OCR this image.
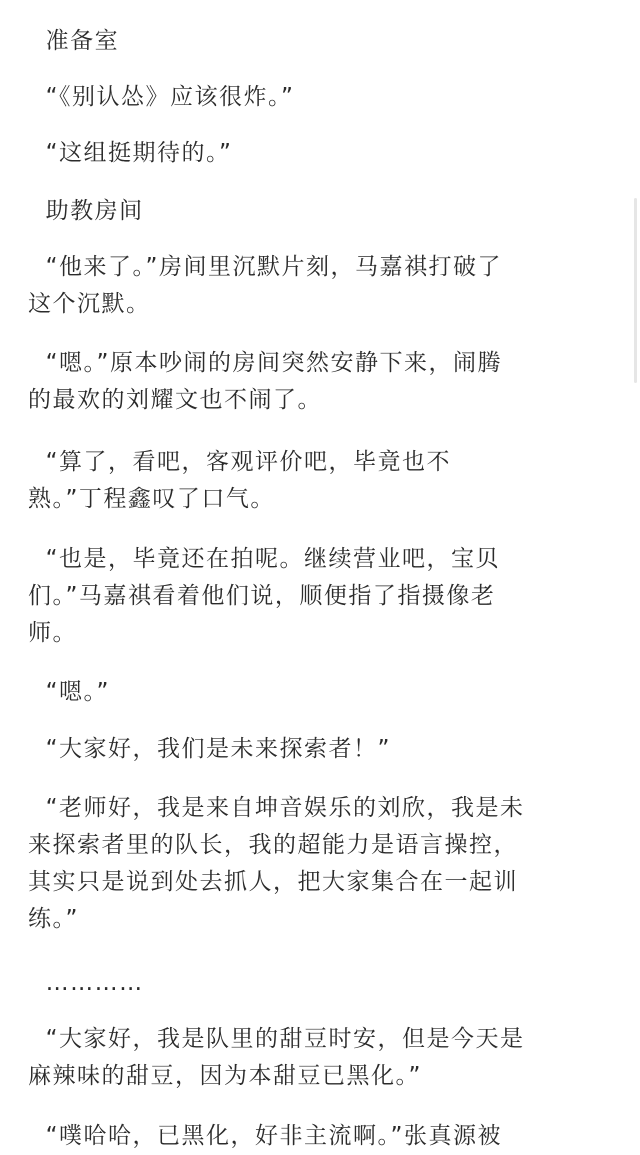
准备室

“《别认怂》应该很炸。”

“这组挺期待的。”

助教房间

“他来了。”房间里沉默片刻，马嘉祺打破了
这个沉默。

“嗯。”原本吵闹的房间突然安静下来，闹腾
的最欢的刘耀文也不闹了。

“算了，看吧，客观评价吧，毕竟也不
熟。”丁程鑫叹了口气。

“也是，毕竟还在拍呢。继续营业吧，宝贝
们。”马嘉祺看着他们说，顺便指了指摄像老
师。

“嗯。”

“大家好，我们是未来探索者！”

“老师好，我是来自坤音娱乐的刘欣，我是未
来探索者里的队长，我的超能力是语言操控，
其实只是说到处去抓人，把大家集合在一起训
练。”

…………

“大家好，我是队里的甜豆时安，但是今天是
麻辣味的甜豆，因为本甜豆已黑化。”

“噗哈哈，已黑化，好非主流啊。”张真源被
